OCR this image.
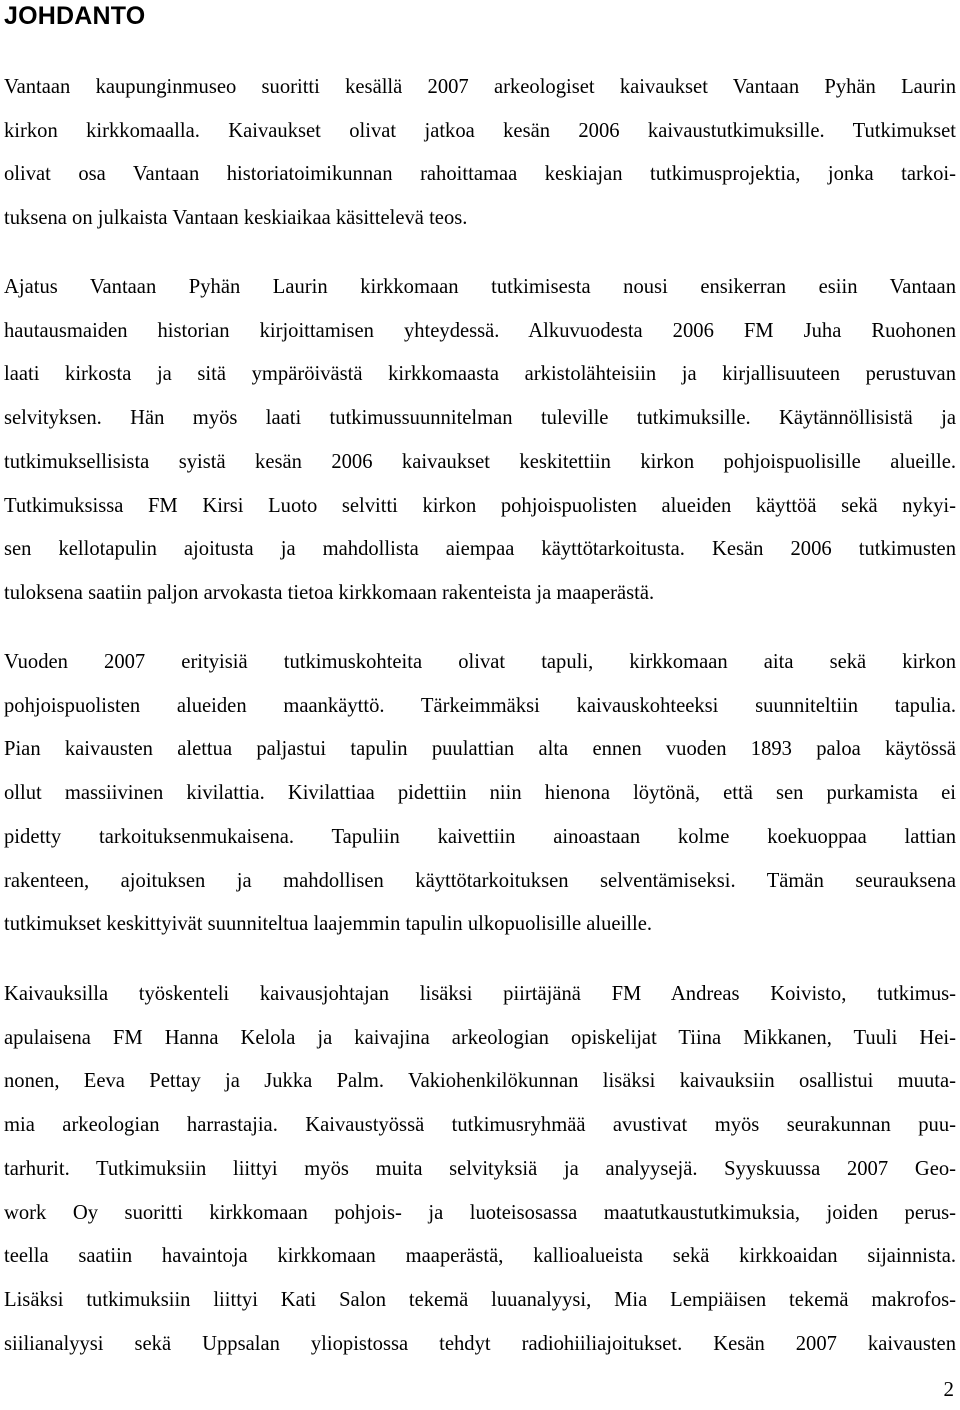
JOHDANTO

Vantaan kaupunginmuseo suoritti kesällä 2007 arkeologiset kaivaukset Vantaan Pyhän Laurin
kirkon kirkkomaalla. Kaivaukset olivat jatkoa kesän 2006 kaivaustutkimuksille. Tutkimukset
olivat osa Vantaan historiatoimikunnan rahoittamaa keskiajan tutkimusprojektia, jonka tarkoi-
tuksena on julkaista Vantaan keskiaikaa käsittelevä teos.

Ajatus Vantaan Pyhän Laurin kirkkomaan tutkimisesta nousi ensikerran esiin Vantaan
hautausmaiden historian kirjoittamisen yhteydessä. Alkuvuodesta 2006 FM Juha Ruohonen
laati kirkosta ja sitä ympäröivästä kirkkomaasta arkistolähteisiin ja kirjallisuuteen perustuvan
selvityksen. Hän myös laati tutkimussuunnitelman tuleville tutkimuksille. Käytännöllisistä ja
tutkimuksellisista syistä kesän 2006 kaivaukset keskitettiin kirkon pohjoispuolisille alueille.
Tutkimuksissa FM Kirsi Luoto selvitti kirkon pohjoispuolisten alueiden käyttöä sekä nykyi-
sen kellotapulin ajoitusta ja mahdollista aiempaa käyttötarkoitusta. Kesän 2006 tutkimusten
tuloksena saatiin paljon arvokasta tietoa kirkkomaan rakenteista ja maaperästä.

Vuoden 2007 erityisiä tutkimuskohteita olivat tapuli, kirkkomaan aita sekä kirkon
pohjoispuolisten alueiden maankäyttö. Tärkeimmäksi kaivauskohteeksi suunniteltiin tapulia.
Pian kaivausten alettua paljastui tapulin puulattian alta ennen vuoden 1893 paloa käytössä
ollut massiivinen kivilattia. Kivilattiaa pidettiin niin hienona löytönä, että sen purkamista ei
pidetty tarkoituksenmukaisena. Tapuliin kaivettiin ainoastaan kolme koekuoppaa lattian
rakenteen, ajoituksen ja mahdollisen käyttötarkoituksen selventämiseksi. Tämän seurauksena
tutkimukset keskittyivät suunniteltua laajemmin tapulin ulkopuolisille alueille.

Kaivauksilla työskenteli kaivausjohtajan lisäksi piirtäjänä FM Andreas Koivisto, tutkimus-
apulaisena FM Hanna Kelola ja kaivajina arkeologian opiskelijat Tiina Mikkanen, Tuuli Hei-
nonen, Eeva Pettay ja Jukka Palm. Vakiohenkilökunnan lisäksi kaivauksiin osallistui muuta-
mia arkeologian harrastajia. Kaivaustyössä tutkimusryhmää avustivat myös seurakunnan puu-
tarhurit. Tutkimuksiin liittyi myös muita selvityksiä ja analyysejä. Syyskuussa 2007 Geo-
work Oy suoritti kirkkomaan pohjois- ja luoteisosassa maatutkaustutkimuksia, joiden perus-
teella saatiin havaintoja kirkkomaan maaperästä, kallioalueista sekä kirkkoaidan sijainnista.
Lisäksi tutkimuksiin liittyi Kati Salon tekemä luuanalyysi, Mia Lempiäisen tekemä makrofos-
siilianalyysi sekä Uppsalan yliopistossa tehdyt radiohiiliajoitukset. Kesän 2007 kaivausten

2
